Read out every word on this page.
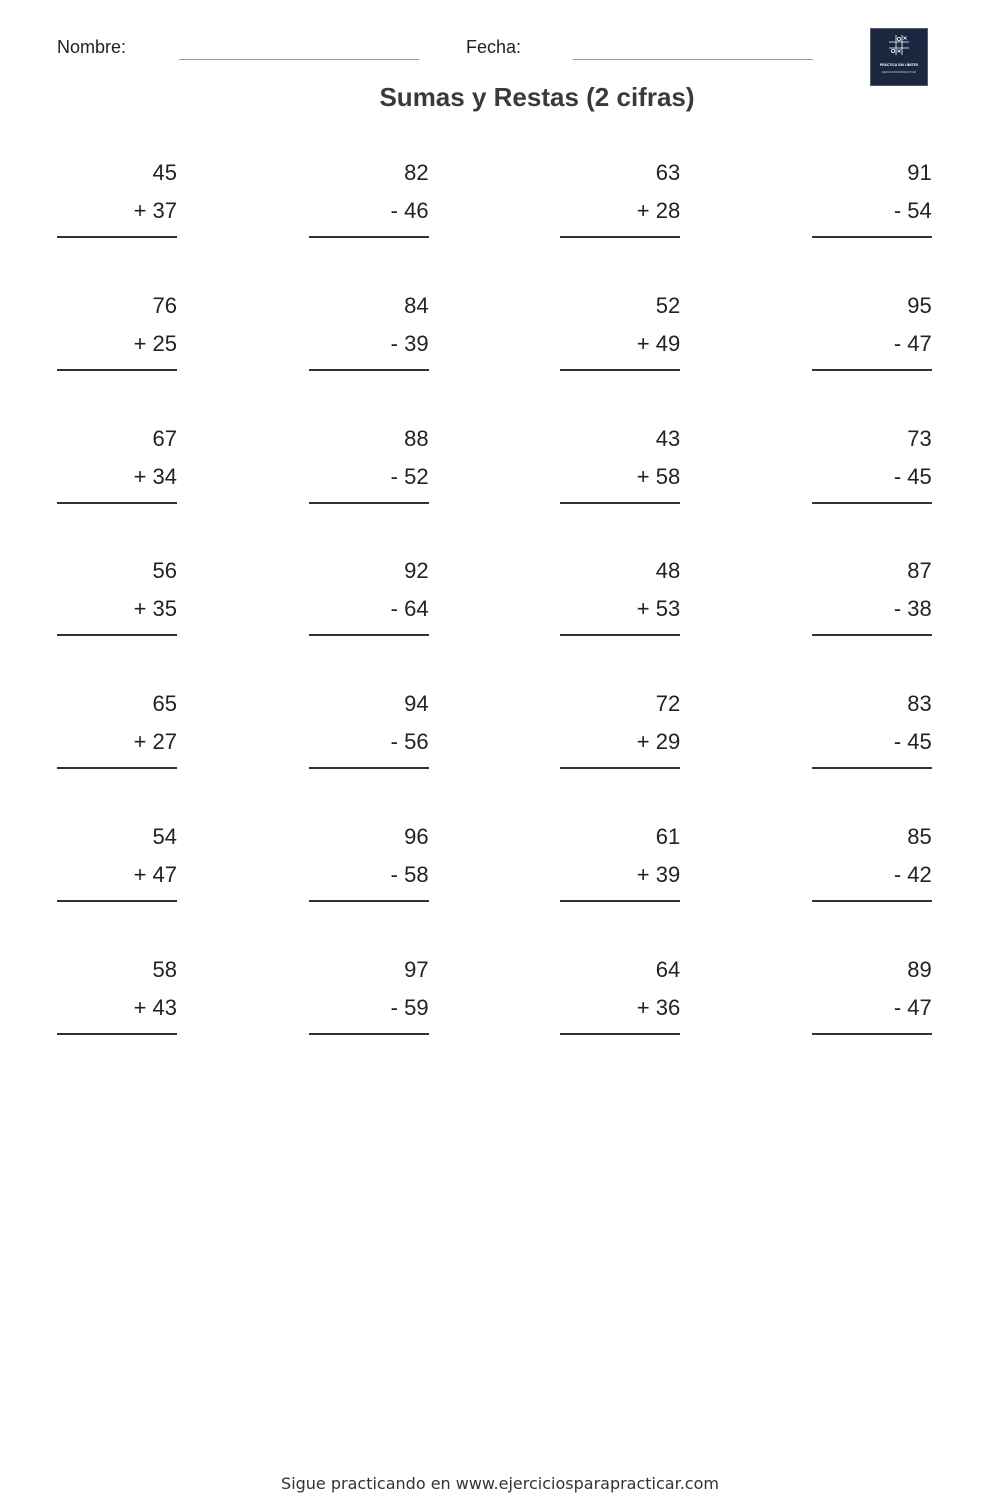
Nombre:	Fecha:
PRÁCTICA SIN LÍMITES
EJERCICIOSPARAPRACTICAR
Sumas y Restas (2 cifras)
45
+ 37
82
- 46
63
+ 28
91
- 54
76
+ 25
84
- 39
52
+ 49
95
- 47
67
+ 34
88
- 52
43
+ 58
73
- 45
56
+ 35
92
- 64
48
+ 53
87
- 38
65
+ 27
94
- 56
72
+ 29
83
- 45
54
+ 47
96
- 58
61
+ 39
85
- 42
58
+ 43
97
- 59
64
+ 36
89
- 47
Sigue practicando en www.ejerciciosparapracticar.com
